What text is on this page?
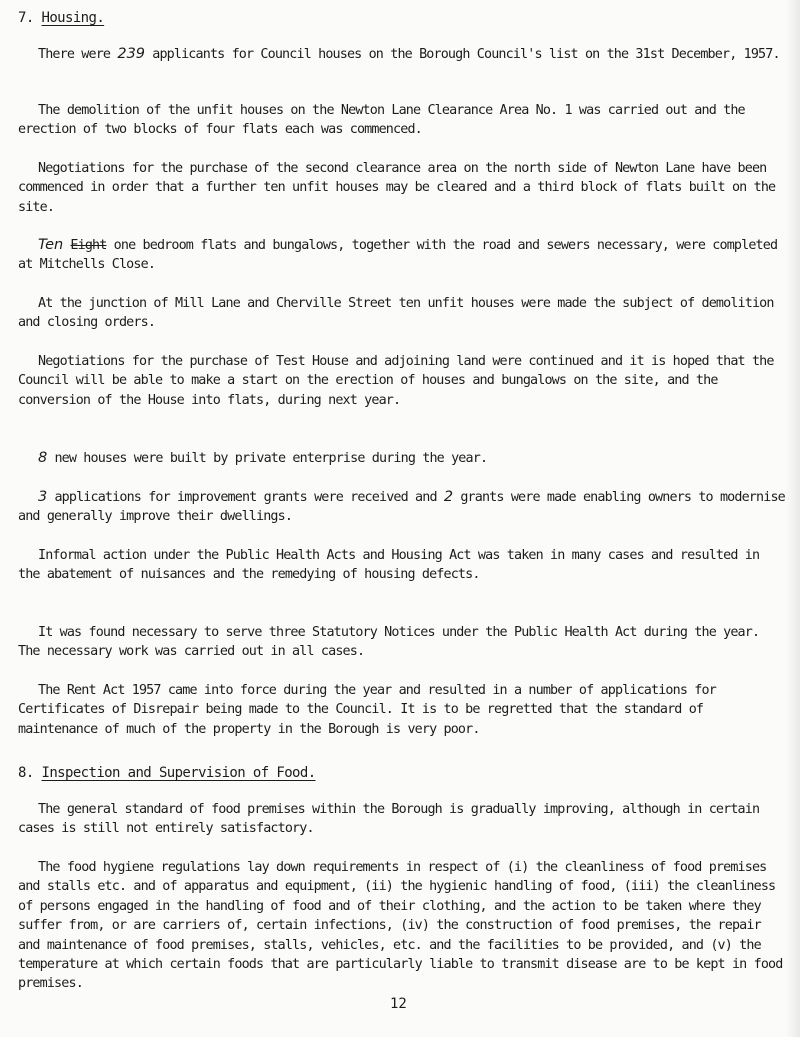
7. Housing.

There were 239 applicants for Council houses on the Borough Council's list on the 31st December, 1957.

The demolition of the unfit houses on the Newton Lane Clearance Area No. 1 was carried out and the erection of two blocks of four flats each was commenced.

Negotiations for the purchase of the second clearance area on the north side of Newton Lane have been commenced in order that a further ten unfit houses may be cleared and a third block of flats built on the site.

Ten Eight one bedroom flats and bungalows, together with the road and sewers necessary, were completed at Mitchells Close.

At the junction of Mill Lane and Cherville Street ten unfit houses were made the subject of demolition and closing orders.

Negotiations for the purchase of Test House and adjoining land were continued and it is hoped that the Council will be able to make a start on the erection of houses and bungalows on the site, and the conversion of the House into flats, during next year.

8 new houses were built by private enterprise during the year.

3 applications for improvement grants were received and 2 grants were made enabling owners to modernise and generally improve their dwellings.

Informal action under the Public Health Acts and Housing Act was taken in many cases and resulted in the abatement of nuisances and the remedying of housing defects.

It was found necessary to serve three Statutory Notices under the Public Health Act during the year. The necessary work was carried out in all cases.

The Rent Act 1957 came into force during the year and resulted in a number of applications for Certificates of Disrepair being made to the Council. It is to be regretted that the standard of maintenance of much of the property in the Borough is very poor.

8. Inspection and Supervision of Food.

The general standard of food premises within the Borough is gradually improving, although in certain cases is still not entirely satisfactory.

The food hygiene regulations lay down requirements in respect of (i) the cleanliness of food premises and stalls etc. and of apparatus and equipment, (ii) the hygienic handling of food, (iii) the cleanliness of persons engaged in the handling of food and of their clothing, and the action to be taken where they suffer from, or are carriers of, certain infections, (iv) the construction of food premises, the repair and maintenance of food premises, stalls, vehicles, etc. and the facilities to be provided, and (v) the temperature at which certain foods that are particularly liable to transmit disease are to be kept in food premises.

12
